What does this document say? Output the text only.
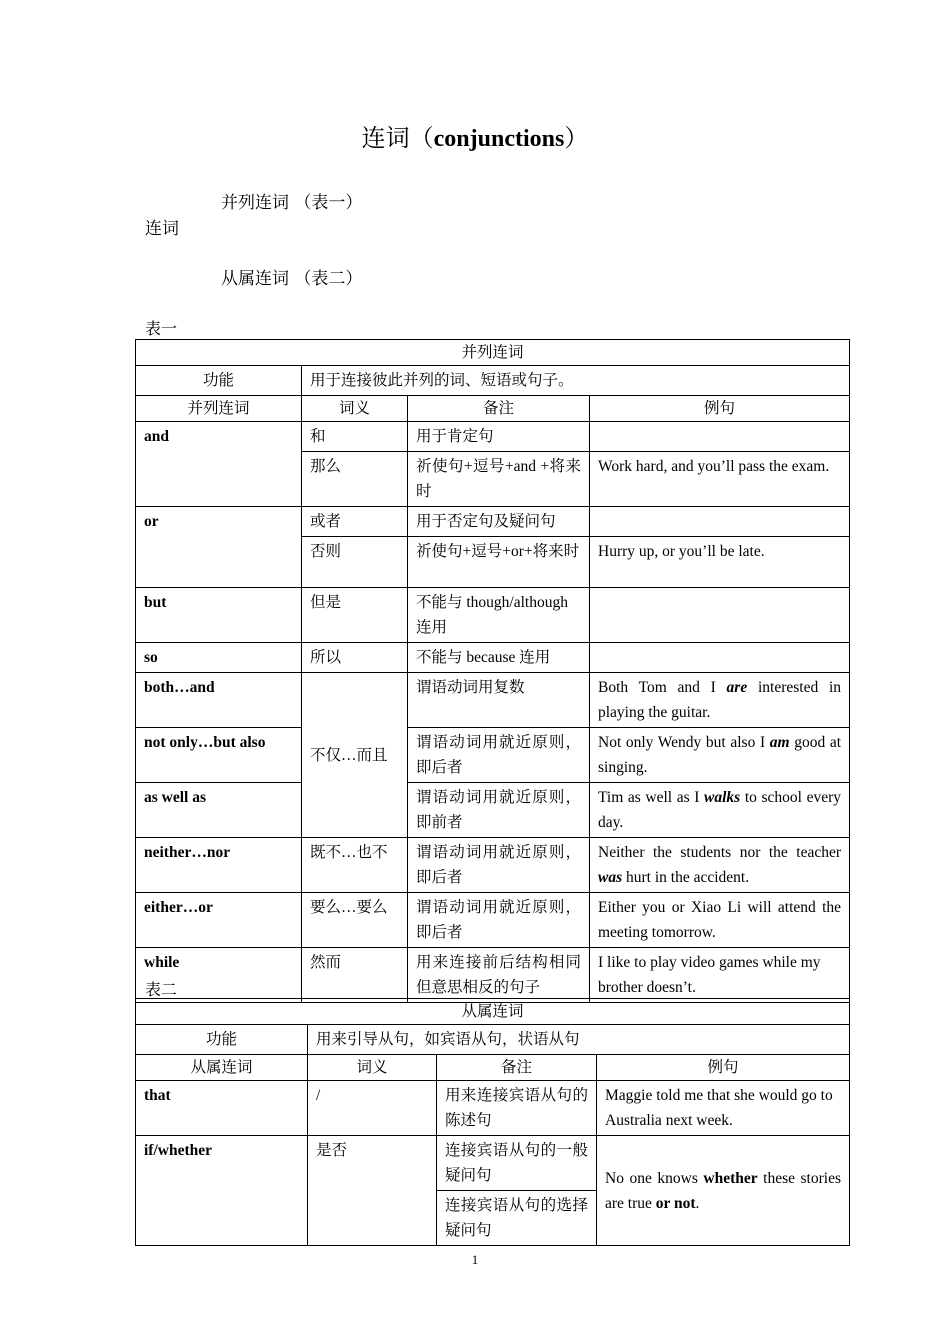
连词（conjunctions）
并列连词 （表一）
连词
从属连词 （表二）
表一
并列连词			
功能	用于连接彼此并列的词、短语或句子。		
并列连词	词义	备注	例句
and	和	用于肯定句	
	那么	祈使句+逗号+and +将来时	Work hard, and you’ll pass the exam.
or	或者	用于否定句及疑问句	
	否则	祈使句+逗号+or+将来时	Hurry up, or you’ll be late.
but	但是	不能与 though/although 连用	
so	所以	不能与 because 连用	
both…and	不仅…而且	谓语动词用复数	Both Tom and I are interested in playing the guitar.
not only…but also		谓语动词用就近原则，即后者	Not only Wendy but also I am good at singing.
as well as		谓语动词用就近原则，即前者	Tim as well as I walks to school every day.
neither…nor	既不…也不	谓语动词用就近原则，即后者	Neither the students nor the teacher was hurt in the accident.
either…or	要么…要么	谓语动词用就近原则，即后者	Either you or Xiao Li will attend the meeting tomorrow.
while	然而	用来连接前后结构相同但意思相反的句子	I like to play video games while my brother doesn’t.
表二
从属连词			
功能	用来引导从句，如宾语从句，状语从句		
从属连词	词义	备注	例句
that	/	用来连接宾语从句的陈述句	Maggie told me that she would go to Australia next week.
if/whether	是否	连接宾语从句的一般疑问句	No one knows whether these stories are true or not.
		连接宾语从句的选择疑问句	
1
